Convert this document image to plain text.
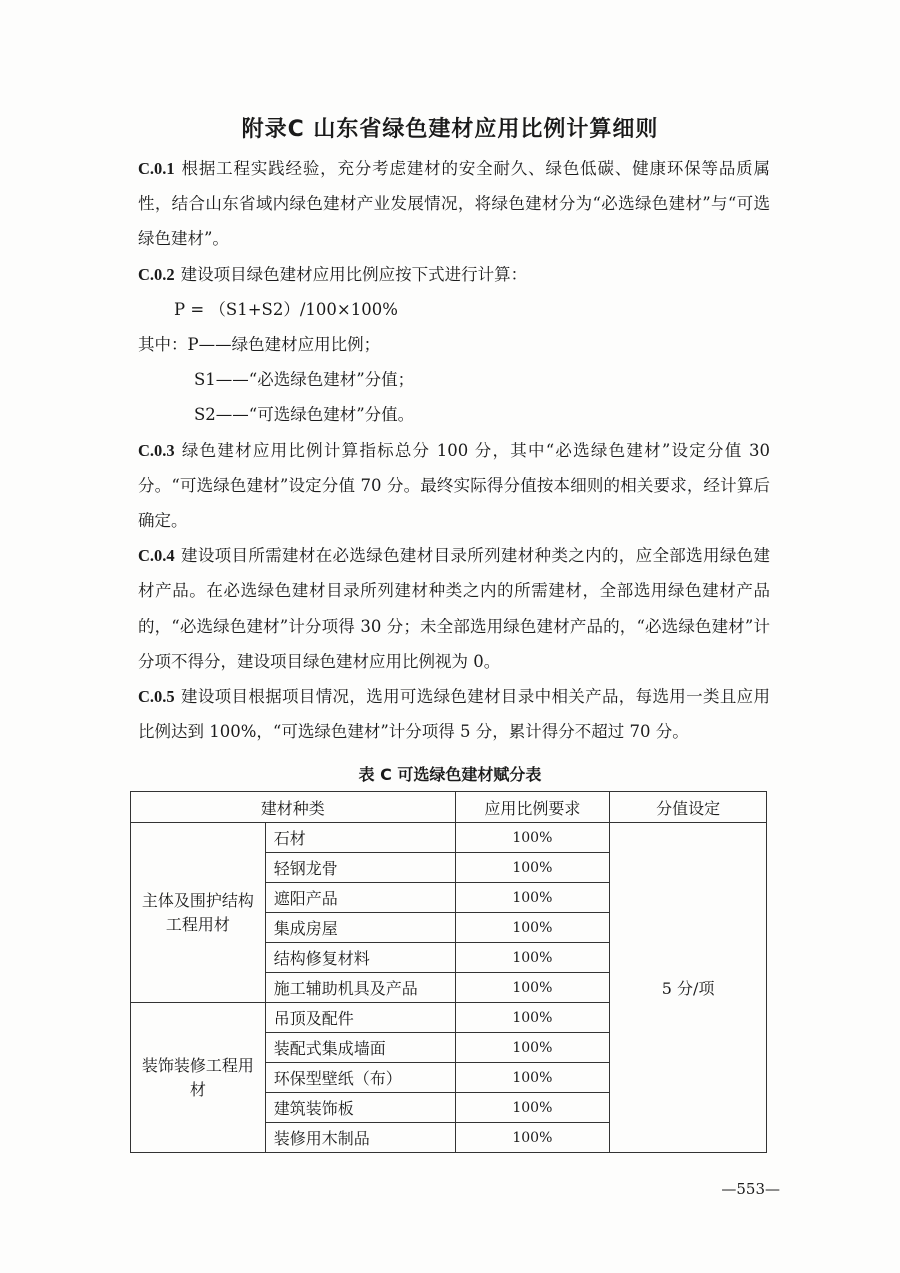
附录C 山东省绿色建材应用比例计算细则

C.0.1 根据工程实践经验，充分考虑建材的安全耐久、绿色低碳、健康环保等品质属性，结合山东省域内绿色建材产业发展情况，将绿色建材分为“必选绿色建材”与“可选绿色建材”。

C.0.2 建设项目绿色建材应用比例应按下式进行计算：

P = （S1+S2）/100×100%

其中：P——绿色建材应用比例；

S1——“必选绿色建材”分值；

S2——“可选绿色建材”分值。

C.0.3 绿色建材应用比例计算指标总分 100 分，其中“必选绿色建材”设定分值 30 分。“可选绿色建材”设定分值 70 分。最终实际得分值按本细则的相关要求，经计算后确定。

C.0.4 建设项目所需建材在必选绿色建材目录所列建材种类之内的，应全部选用绿色建材产品。在必选绿色建材目录所列建材种类之内的所需建材，全部选用绿色建材产品的，“必选绿色建材”计分项得 30 分；未全部选用绿色建材产品的，“必选绿色建材”计分项不得分，建设项目绿色建材应用比例视为 0。

C.0.5 建设项目根据项目情况，选用可选绿色建材目录中相关产品，每选用一类且应用比例达到 100%，“可选绿色建材”计分项得 5 分，累计得分不超过 70 分。

表 C 可选绿色建材赋分表
建材种类		应用比例要求	分值设定
主体及围护结构工程用材	石材	100%	5 分/项
	轻钢龙骨	100%	
	遮阳产品	100%	
	集成房屋	100%	
	结构修复材料	100%	
	施工辅助机具及产品	100%	
装饰装修工程用材	吊顶及配件	100%	
	装配式集成墙面	100%	
	环保型壁纸（布）	100%	
	建筑装饰板	100%	
	装修用木制品	100%	
—553—
